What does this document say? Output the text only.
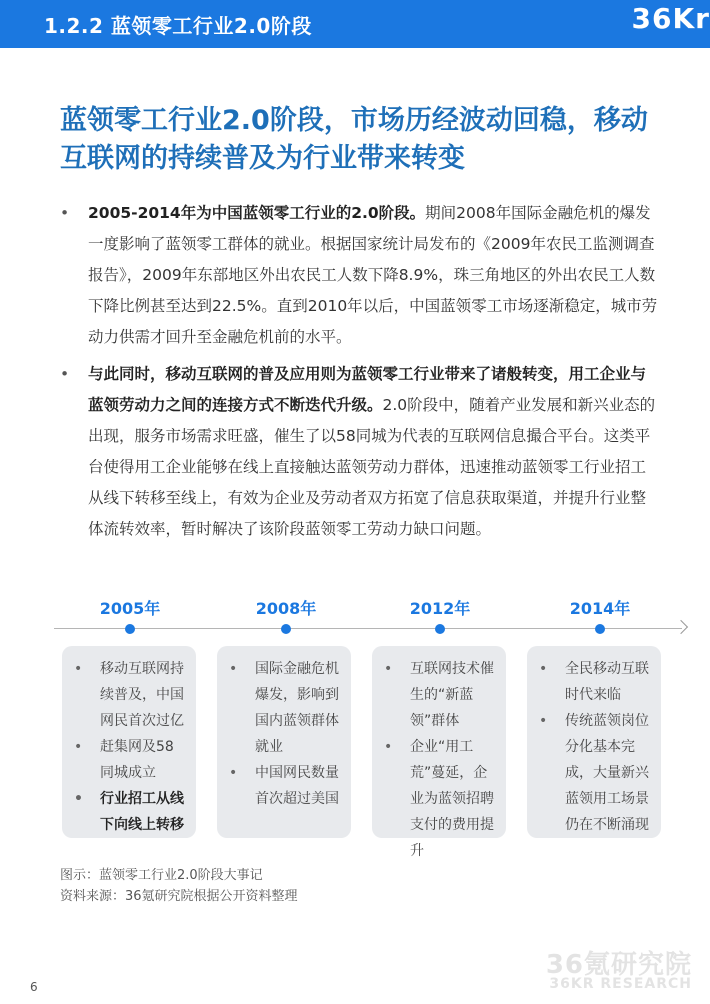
1.2.2 蓝领零工行业2.0阶段	36Kr
蓝领零工行业2.0阶段，市场历经波动回稳，移动互联网的持续普及为行业带来转变
• 2005-2014年为中国蓝领零工行业的2.0阶段。期间2008年国际金融危机的爆发一度影响了蓝领零工群体的就业。根据国家统计局发布的《2009年农民工监测调查报告》，2009年东部地区外出农民工人数下降8.9%，珠三角地区的外出农民工人数下降比例甚至达到22.5%。直到2010年以后，中国蓝领零工市场逐渐稳定，城市劳动力供需才回升至金融危机前的水平。
• 与此同时，移动互联网的普及应用则为蓝领零工行业带来了诸般转变，用工企业与蓝领劳动力之间的连接方式不断迭代升级。2.0阶段中，随着产业发展和新兴业态的出现，服务市场需求旺盛，催生了以58同城为代表的互联网信息撮合平台。这类平台使得用工企业能够在线上直接触达蓝领劳动力群体，迅速推动蓝领零工行业招工从线下转移至线上，有效为企业及劳动者双方拓宽了信息获取渠道，并提升行业整体流转效率，暂时解决了该阶段蓝领零工劳动力缺口问题。
2005年	2008年	2012年	2014年
• 移动互联网持续普及，中国网民首次过亿
• 赶集网及58同城成立
• 行业招工从线下向线上转移
• 国际金融危机爆发，影响到国内蓝领群体就业
• 中国网民数量首次超过美国
• 互联网技术催生的“新蓝领”群体
• 企业“用工荒”蔓延，企业为蓝领招聘支付的费用提升
• 全民移动互联时代来临
• 传统蓝领岗位分化基本完成，大量新兴蓝领用工场景仍在不断涌现
图示：蓝领零工行业2.0阶段大事记
资料来源：36氪研究院根据公开资料整理
36氪研究院
36KR RESEARCH
6
